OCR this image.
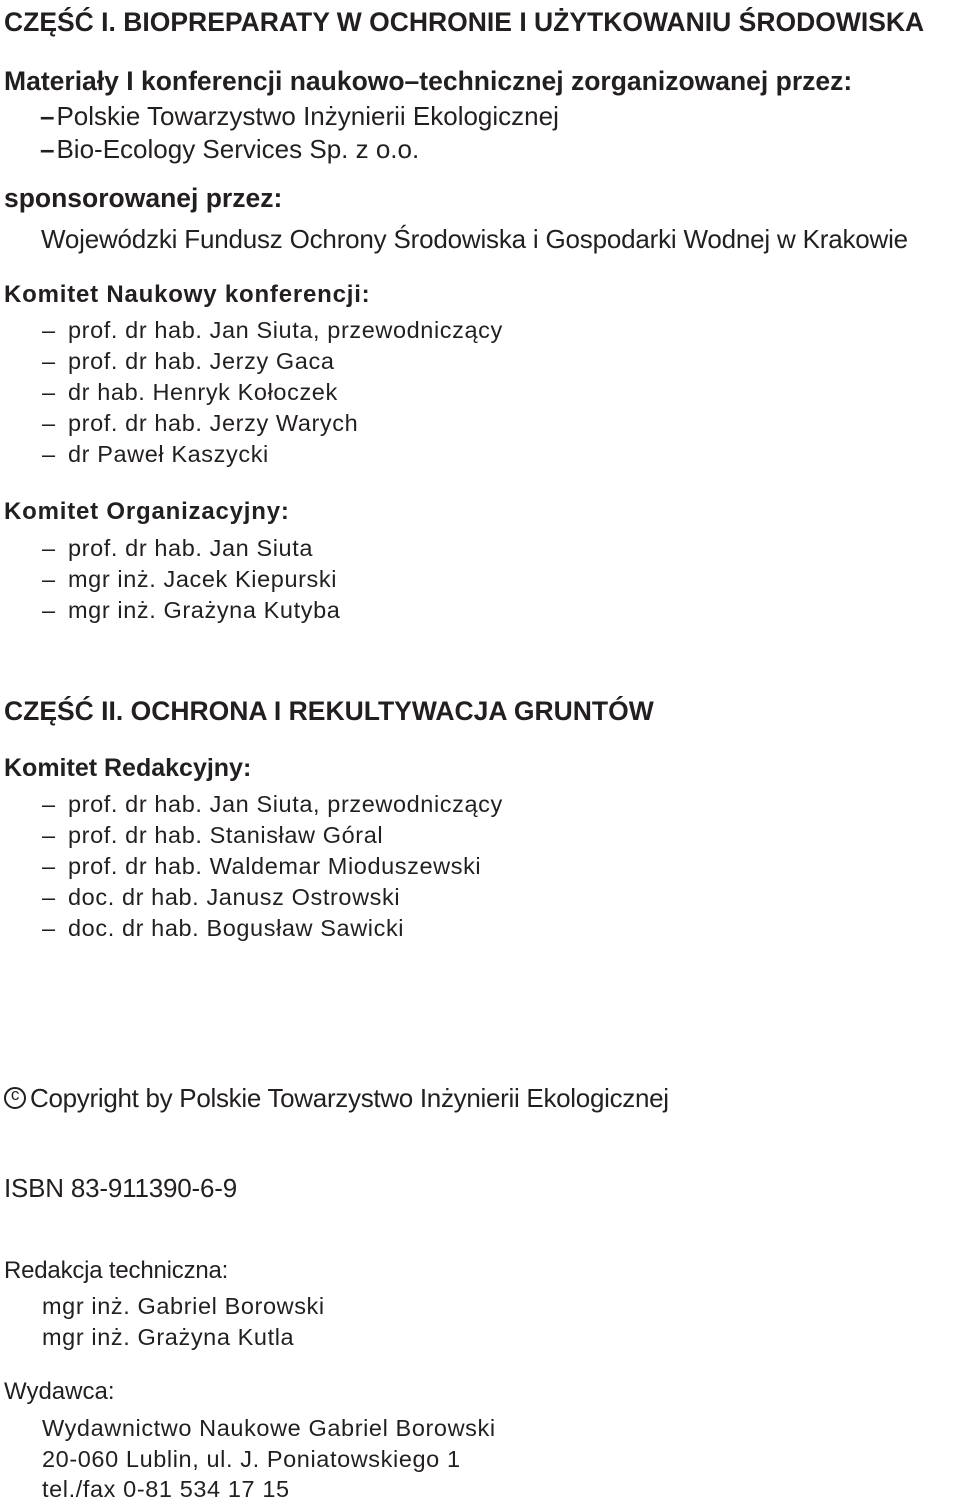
CZĘŚĆ I. BIOPREPARATY W OCHRONIE I UŻYTKOWANIU ŚRODOWISKA
Materiały I konferencji naukowo–technicznej zorganizowanej przez:
–Polskie Towarzystwo Inżynierii Ekologicznej
–Bio-Ecology Services Sp. z o.o.
sponsorowanej przez:
Wojewódzki Fundusz Ochrony Środowiska i Gospodarki Wodnej w Krakowie
Komitet Naukowy konferencji:
– prof. dr hab. Jan Siuta, przewodniczący
– prof. dr hab. Jerzy Gaca
– dr hab. Henryk Kołoczek
– prof. dr hab. Jerzy Warych
– dr Paweł Kaszycki
Komitet Organizacyjny:
– prof. dr hab. Jan Siuta
– mgr inż. Jacek Kiepurski
– mgr inż. Grażyna Kutyba
CZĘŚĆ II. OCHRONA I REKULTYWACJA GRUNTÓW
Komitet Redakcyjny:
– prof. dr hab. Jan Siuta, przewodniczący
– prof. dr hab. Stanisław Góral
– prof. dr hab. Waldemar Mioduszewski
– doc. dr hab. Janusz Ostrowski
– doc. dr hab. Bogusław Sawicki
cCopyright by Polskie Towarzystwo Inżynierii Ekologicznej
ISBN 83-911390-6-9
Redakcja techniczna:
mgr inż. Gabriel Borowski
mgr inż. Grażyna Kutla
Wydawca:
Wydawnictwo Naukowe Gabriel Borowski
20-060 Lublin, ul. J. Poniatowskiego 1
tel./fax 0-81 534 17 15
